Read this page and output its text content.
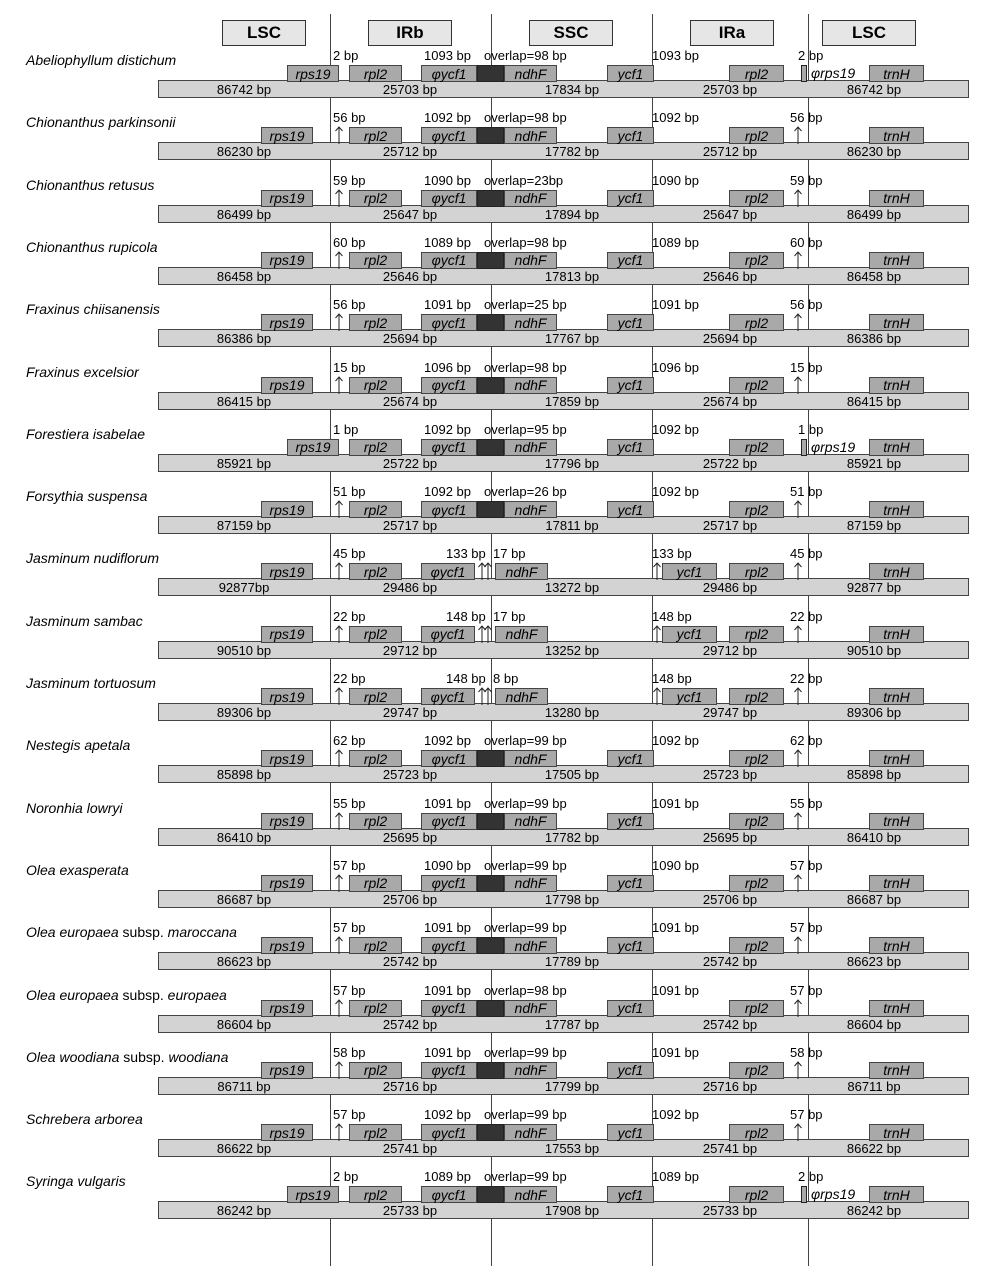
LSC	IRb	SSC	IRa	LSC
Abeliophyllum distichum
86742 bp	25703 bp	17834 bp	25703 bp	86742 bp
rps19	rpl2	φycf1	ndhF	ycf1	rpl2	trnH
φrps19
2 bp	1093 bp overlap=98 bp	1093 bp	2 bp
Chionanthus parkinsonii
86230 bp	25712 bp	17782 bp	25712 bp	86230 bp
rps19	rpl2	φycf1	ndhF	ycf1	rpl2	trnH
56 bp	1092 bp overlap=98 bp	1092 bp	56 bp
Chionanthus retusus
86499 bp	25647 bp	17894 bp	25647 bp	86499 bp
rps19	rpl2	φycf1	ndhF	ycf1	rpl2	trnH
59 bp	1090 bp overlap=23bp	1090 bp	59 bp
Chionanthus rupicola
86458 bp	25646 bp	17813 bp	25646 bp	86458 bp
rps19	rpl2	φycf1	ndhF	ycf1	rpl2	trnH
60 bp	1089 bp overlap=98 bp	1089 bp	60 bp
Fraxinus chiisanensis
86386 bp	25694 bp	17767 bp	25694 bp	86386 bp
rps19	rpl2	φycf1	ndhF	ycf1	rpl2	trnH
56 bp	1091 bp overlap=25 bp	1091 bp	56 bp
Fraxinus excelsior
86415 bp	25674 bp	17859 bp	25674 bp	86415 bp
rps19	rpl2	φycf1	ndhF	ycf1	rpl2	trnH
15 bp	1096 bp overlap=98 bp	1096 bp	15 bp
Forestiera isabelae
85921 bp	25722 bp	17796 bp	25722 bp	85921 bp
rps19	rpl2	φycf1	ndhF	ycf1	rpl2	trnH
φrps19
1 bp	1092 bp overlap=95 bp	1092 bp	1 bp
Forsythia suspensa
87159 bp	25717 bp	17811 bp	25717 bp	87159 bp
rps19	rpl2	φycf1	ndhF	ycf1	rpl2	trnH
51 bp	1092 bp overlap=26 bp	1092 bp	51 bp
Jasminum nudiflorum
92877bp	29486 bp	13272 bp	29486 bp	92877 bp
rps19	rpl2	φycf1	ndhF	ycf1	rpl2	trnH
45 bp	133 bp 17 bp	133 bp	45 bp
Jasminum sambac
90510 bp	29712 bp	13252 bp	29712 bp	90510 bp
rps19	rpl2	φycf1	ndhF	ycf1	rpl2	trnH
22 bp	148 bp 17 bp	148 bp	22 bp
Jasminum tortuosum
89306 bp	29747 bp	13280 bp	29747 bp	89306 bp
rps19	rpl2	φycf1	ndhF	ycf1	rpl2	trnH
22 bp	148 bp 8 bp	148 bp	22 bp
Nestegis apetala
85898 bp	25723 bp	17505 bp	25723 bp	85898 bp
rps19	rpl2	φycf1	ndhF	ycf1	rpl2	trnH
62 bp	1092 bp overlap=99 bp	1092 bp	62 bp
Noronhia lowryi
86410 bp	25695 bp	17782 bp	25695 bp	86410 bp
rps19	rpl2	φycf1	ndhF	ycf1	rpl2	trnH
55 bp	1091 bp overlap=99 bp	1091 bp	55 bp
Olea exasperata
86687 bp	25706 bp	17798 bp	25706 bp	86687 bp
rps19	rpl2	φycf1	ndhF	ycf1	rpl2	trnH
57 bp	1090 bp overlap=99 bp	1090 bp	57 bp
Olea europaea subsp. maroccana
86623 bp	25742 bp	17789 bp	25742 bp	86623 bp
rps19	rpl2	φycf1	ndhF	ycf1	rpl2	trnH
57 bp	1091 bp overlap=99 bp	1091 bp	57 bp
Olea europaea subsp. europaea
86604 bp	25742 bp	17787 bp	25742 bp	86604 bp
rps19	rpl2	φycf1	ndhF	ycf1	rpl2	trnH
57 bp	1091 bp overlap=98 bp	1091 bp	57 bp
Olea woodiana subsp. woodiana
86711 bp	25716 bp	17799 bp	25716 bp	86711 bp
rps19	rpl2	φycf1	ndhF	ycf1	rpl2	trnH
58 bp	1091 bp overlap=99 bp	1091 bp	58 bp
Schrebera arborea
86622 bp	25741 bp	17553 bp	25741 bp	86622 bp
rps19	rpl2	φycf1	ndhF	ycf1	rpl2	trnH
57 bp	1092 bp overlap=99 bp	1092 bp	57 bp
Syringa vulgaris
86242 bp	25733 bp	17908 bp	25733 bp	86242 bp
rps19	rpl2	φycf1	ndhF	ycf1	rpl2	trnH
φrps19
2 bp	1089 bp overlap=99 bp	1089 bp	2 bp
